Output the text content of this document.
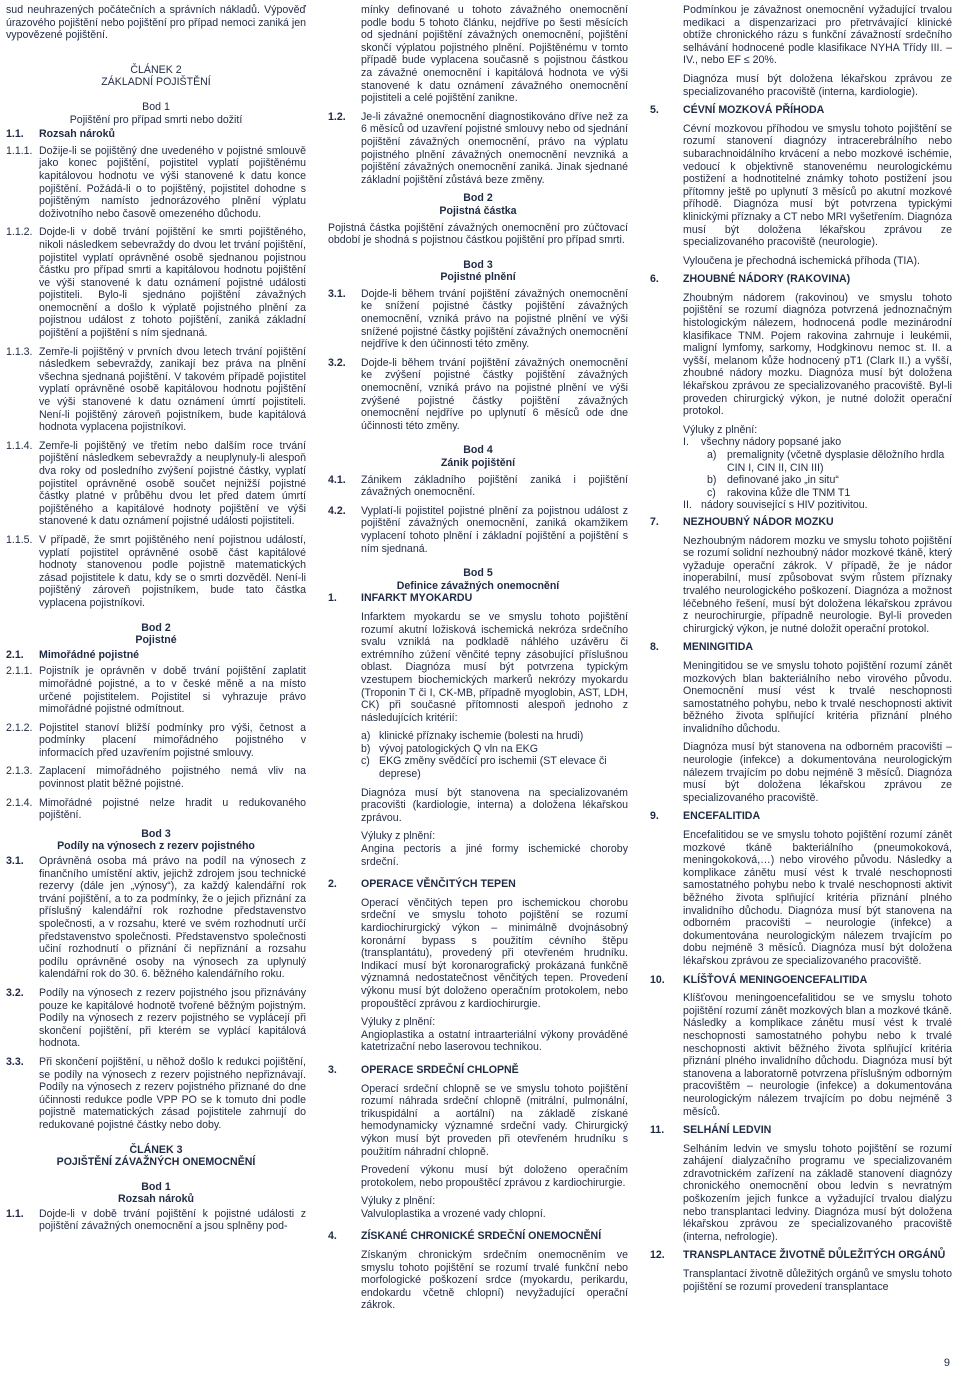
sud neuhrazených počátečních a správních nákladů. Výpověď úrazového pojištění nebo pojištění pro případ nemoci zaniká jen vypovězené pojištění.

ČLÁNEK 2

ZÁKLADNÍ POJIŠTĚNÍ

Bod 1

Pojištění pro případ smrti nebo dožití

1.1.	Rozsah nároků
1.1.1. Dožije-li se pojištěný dne uvedeného v pojistné smlouvě jako konec pojištění, pojistitel vyplatí pojištěnému kapitálovou hodnotu ve výši stanovené k datu konce pojištění. Požádá-li o to pojištěný, pojistitel dohodne s pojištěným namísto jednorázového plnění výplatu doživotního nebo časově omezeného důchodu.
1.1.2. Dojde-li v době trvání pojištění ke smrti pojištěného, nikoli následkem sebevraždy do dvou let trvání pojištění, pojistitel vyplatí oprávněné osobě sjednanou pojistnou částku pro případ smrti a kapitálovou hodnotu pojištění ve výši stanovené k datu oznámení pojistné události pojistiteli. Bylo-li sjednáno pojištění závažných onemocnění a došlo k výplatě pojistného plnění za pojistnou událost z tohoto pojištění, zaniká základní pojištění a pojištění s ním sjednaná.
1.1.3. Zemře-li pojištěný v prvních dvou letech trvání pojištění následkem sebevraždy, zanikají bez práva na plnění všechna sjednaná pojištění. V takovém případě pojistitel vyplatí oprávněné osobě kapitálovou hodnotu pojištění ve výši stanovené k datu oznámení úmrtí pojistiteli. Není-li pojištěný zároveň pojistníkem, bude kapitálová hodnota vyplacena pojistníkovi.
1.1.4. Zemře-li pojištěný ve třetím nebo dalším roce trvání pojištění následkem sebevraždy a neuplynuly-li alespoň dva roky od posledního zvýšení pojistné částky, vyplatí pojistitel oprávněné osobě součet nejnižší pojistné částky platné v průběhu dvou let před datem úmrtí pojištěného a kapitálové hodnoty pojištění ve výši stanovené k datu oznámení pojistné události pojistiteli.
1.1.5. V případě, že smrt pojištěného není pojistnou událostí, vyplatí pojistitel oprávněné osobě část kapitálové hodnoty stanovenou podle pojistně matematických zásad pojistitele k datu, kdy se o smrti dozvěděl. Není-li pojištěný zároveň pojistníkem, bude tato částka vyplacena pojistníkovi.

Bod 2

Pojistné

2.1.	Mimořádné pojistné
2.1.1. Pojistník je oprávněn v době trvání pojištění zaplatit mimořádné pojistné, a to v české měně a na místo určené pojistitelem. Pojistitel si vyhrazuje právo mimořádné pojistné odmítnout.
2.1.2. Pojistitel stanoví bližší podmínky pro výši, četnost a podmínky placení mimořádného pojistného v informacích před uzavřením pojistné smlouvy.
2.1.3. Zaplacení mimořádného pojistného nemá vliv na povinnost platit běžné pojistné.
2.1.4. Mimořádné pojistné nelze hradit u redukovaného pojištění.

Bod 3

Podíly na výnosech z rezerv pojistného

3.1.	Oprávněná osoba má právo na podíl na výnosech z finančního umístění aktiv, jejichž zdrojem jsou technické rezervy (dále jen „výnosy“), za každý kalendářní rok trvání pojištění, a to za podmínky, že o jejich přiznání za příslušný kalendářní rok rozhodne představenstvo společnosti, a v rozsahu, které ve svém rozhodnutí určí představenstvo společnosti. Představenstvo společnosti učiní rozhodnutí o přiznání či nepřiznání a rozsahu podílu oprávněné osoby na výnosech za uplynulý kalendářní rok do 30. 6. běžného kalendářního roku.
3.2.	Podíly na výnosech z rezerv pojistného jsou přiznávány pouze ke kapitálové hodnotě tvořené běžným pojistným. Podíly na výnosech z rezerv pojistného se vyplácejí při skončení pojištění, při kterém se vyplácí kapitálová hodnota.
3.3.	Při skončení pojištění, u něhož došlo k redukci pojištění, se podíly na výnosech z rezerv pojistného nepřiznávají. Podíly na výnosech z rezerv pojistného přiznané do dne účinnosti redukce podle VPP PO se k tomuto dni podle pojistně matematických zásad pojistitele zahrnují do redukované pojistné částky nebo doby.

ČLÁNEK 3

POJIŠTĚNÍ ZÁVAŽNÝCH ONEMOCNĚNÍ

Bod 1

Rozsah nároků

1.1.	Dojde-li v době trvání pojištění k pojistné události z pojištění závažných onemocnění a jsou splněny pod-

mínky definované u tohoto závažného onemocnění podle bodu 5 tohoto článku, nejdříve po šesti měsících od sjednání pojištění závažných onemocnění, pojištění skončí výplatou pojistného plnění. Pojištěnému v tomto případě bude vyplacena současně s pojistnou částkou za závažné onemocnění i kapitálová hodnota ve výši stanovené k datu oznámení závažného onemocnění pojistiteli a celé pojištění zanikne.

1.2.	Je-li závažné onemocnění diagnostikováno dříve než za 6 měsíců od uzavření pojistné smlouvy nebo od sjednání pojištění závažných onemocnění, právo na výplatu pojistného plnění závažných onemocnění nevzniká a pojištění závažných onemocnění zaniká. Jinak sjednané základní pojištění zůstává beze změny.

Bod 2

Pojistná částka

Pojistná částka pojištění závažných onemocnění pro zúčtovací období je shodná s pojistnou částkou pojištění pro případ smrti.

Bod 3

Pojistné plnění

3.1.	Dojde-li během trvání pojištění závažných onemocnění ke snížení pojistné částky pojištění závažných onemocnění, vzniká právo na pojistné plnění ve výši snížené pojistné částky pojištění závažných onemocnění nejdříve k den účinnosti této změny.
3.2.	Dojde-li během trvání pojištění závažných onemocnění ke zvýšení pojistné částky pojištění závažných onemocnění, vzniká právo na pojistné plnění ve výši zvýšené pojistné částky pojištění závažných onemocnění nejdříve po uplynutí 6 měsíců ode dne účinnosti této změny.

Bod 4

Zánik pojištění

4.1.	Zánikem základního pojištění zaniká i pojištění závažných onemocnění.
4.2.	Vyplatí-li pojistitel pojistné plnění za pojistnou událost z pojištění závažných onemocnění, zaniká okamžikem vyplacení tohoto plnění i základní pojištění a pojištění s ním sjednaná.

Bod 5

Definice závažných onemocnění

1.	INFARKT MYOKARDU

Infarktem myokardu se ve smyslu tohoto pojištění rozumí akutní ložisková ischemická nekróza srdečního svalu vzniklá na podkladě náhlého uzávěru či extrémního zúžení věnčité tepny zásobující příslušnou oblast. Diagnóza musí být potvrzena typickým vzestupem biochemických markerů nekrózy myokardu (Troponin T či I, CK-MB, případně myoglobin, AST, LDH, CK) při současné přítomnosti alespoň jednoho z následujících kritérií:

a) klinické příznaky ischemie (bolesti na hrudi)
b) vývoj patologických Q vln na EKG
c) EKG změny svědčící pro ischemii (ST elevace či deprese)

Diagnóza musí být stanovena na specializovaném pracovišti (kardiologie, interna) a doložena lékařskou zprávou.

Výluky z plnění:

Angina pectoris a jiné formy ischemické choroby srdeční.

2.	OPERACE VĚNČITÝCH TEPEN

Operací věnčitých tepen pro ischemickou chorobu srdeční ve smyslu tohoto pojištění se rozumí kardiochirurgický výkon – minimálně dvojnásobný koronární bypass s použitím cévního štěpu (transplantátu), provedený při otevřeném hrudníku. Indikací musí být koronarografický prokázaná funkčně významná nedostatečnost věnčitých tepen. Provedení výkonu musí být doloženo operačním protokolem, nebo propouštěcí zprávou z kardiochirurgie.

Výluky z plnění:

Angioplastika a ostatní intraarteriální výkony prováděné katetrizační nebo laserovou technikou.

3.	OPERACE SRDEČNÍ CHLOPNĚ

Operací srdeční chlopně se ve smyslu tohoto pojištění rozumí náhrada srdeční chlopně (mitrální, pulmonální, trikuspidální a aortální) na základě získané hemodynamicky významné srdeční vady. Chirurgický výkon musí být proveden při otevřeném hrudníku s použitím náhradní chlopně.

Provedení výkonu musí být doloženo operačním protokolem, nebo propouštěcí zprávou z kardiochirurgie.

Výluky z plnění:

Valvuloplastika a vrozené vady chlopní.

4.	ZÍSKANÉ CHRONICKÉ SRDEČNÍ ONEMOCNĚNÍ

Získaným chronickým srdečním onemocněním ve smyslu tohoto pojištění se rozumí trvalé funkční nebo morfologické poškození srdce (myokardu, perikardu, endokardu včetně chlopní) nevyžadující operační zákrok.

Podmínkou je závažnost onemocnění vyžadující trvalou medikaci a dispenzarizaci pro přetrvávající klinické obtíže chronického rázu s funkční závažností srdečního selhávání hodnocené podle klasifikace NYHA Třídy III. – IV., nebo EF ≤ 20%.

Diagnóza musí být doložena lékařskou zprávou ze specializovaného pracoviště (interna, kardiologie).

5.	CÉVNÍ MOZKOVÁ PŘÍHODA

Cévní mozkovou příhodou ve smyslu tohoto pojištění se rozumí stanovení diagnózy intracerebrálního nebo subarachnoidálního krvácení a nebo mozkové ischémie, vedoucí k objektivně stanovenému neurologickému postižení a hodnotitelné známky tohoto postižení jsou přítomny ještě po uplynutí 3 měsíců po akutní mozkové příhodě. Diagnóza musí být potvrzena typickými klinickými příznaky a CT nebo MRI vyšetřením. Diagnóza musí být doložena lékařskou zprávou ze specializovaného pracoviště (neurologie).

Vyloučena je přechodná ischemická příhoda (TIA).

6.	ZHOUBNÉ NÁDORY (RAKOVINA)

Zhoubným nádorem (rakovinou) ve smyslu tohoto pojištění se rozumí diagnóza potvrzená jednoznačným histologickým nálezem, hodnocená podle mezinárodní klasifikace TNM. Pojem rakovina zahrnuje i leukémii, maligní lymfomy, sarkomy, Hodgkinovu nemoc st. II. a vyšší, melanom kůže hodnocený pT1 (Clark II.) a vyšší, zhoubné nádory mozku. Diagnóza musí být doložena lékařskou zprávou ze specializovaného pracoviště. Byl-li proveden chirurgický výkon, je nutné doložit operační protokol.

Výluky z plnění:

I.	všechny nádory popsané jako
a) premalignity (včetně dysplasie děložního hrdla CIN I, CIN II, CIN III)
b) definované jako „in situ“
c)	rakovina kůže dle TNM T1
II. nádory související s HIV pozitivitou.
7.	NEZHOUBNÝ NÁDOR MOZKU

Nezhoubným nádorem mozku ve smyslu tohoto pojištění se rozumí solidní nezhoubný nádor mozkové tkáně, který vyžaduje operační zákrok. V případě, že je nádor inoperabilní, musí způsobovat svým růstem příznaky trvalého neurologického poškození. Diagnóza a možnost léčebného řešení, musí být doložena lékařskou zprávou z neurochirurgie, případně neurologie. Byl-li proveden chirurgický výkon, je nutné doložit operační protokol.

8.	MENINGITIDA

Meningitidou se ve smyslu tohoto pojištění rozumí zánět mozkových blan bakteriálního nebo virového původu. Onemocnění musí vést k trvalé neschopnosti samostatného pohybu, nebo k trvalé neschopnosti aktivit běžného života splňující kritéria přiznání plného invalidního důchodu.

Diagnóza musí být stanovena na odborném pracovišti – neurologie (infekce) a dokumentována neurologickým nálezem trvajícím po dobu nejméně 3 měsíců. Diagnóza musí být doložena lékařskou zprávou ze specializovaného pracoviště.

9.	ENCEFALITIDA

Encefalitidou se ve smyslu tohoto pojištění rozumí zánět mozkové tkáně bakteriálního (pneumokoková, meningokoková,…) nebo virového původu. Následky a komplikace zánětu musí vést k trvalé neschopnosti samostatného pohybu nebo k trvalé neschopnosti aktivit běžného života splňující kritéria přiznání plného invalidního důchodu. Diagnóza musí být stanovena na odborném pracovišti – neurologie (infekce) a dokumentována neurologickým nálezem trvajícím po dobu nejméně 3 měsíců. Diagnóza musí být doložena lékařskou zprávou ze specializovaného pracoviště.

10.	KLÍŠŤOVÁ MENINGOENCEFALITIDA

Klíšťovou meningoencefalitidou se ve smyslu tohoto pojištění rozumí zánět mozkových blan a mozkové tkáně. Následky a komplikace zánětu musí vést k trvalé neschopnosti samostatného pohybu nebo k trvalé neschopnosti aktivit běžného života splňující kritéria přiznání plného invalidního důchodu. Diagnóza musí být stanovena a laboratorně potvrzena příslušným odborným pracovištěm – neurologie (infekce) a dokumentována neurologickým nálezem trvajícím po dobu nejméně 3 měsíců.

11.	SELHÁNÍ LEDVIN

Selháním ledvin ve smyslu tohoto pojištění se rozumí zahájení dialyzačního programu ve specializovaném zdravotnickém zařízení na základě stanovení diagnózy chronického onemocnění obou ledvin s nevratným poškozením jejich funkce a vyžadující trvalou dialýzu nebo transplantaci ledviny. Diagnóza musí být doložena lékařskou zprávou ze specializovaného pracoviště (interna, nefrologie).

12.	TRANSPLANTACE ŽIVOTNĚ DŮLEŽITÝCH ORGÁNŮ

Transplantací životně důležitých orgánů ve smyslu tohoto pojištění se rozumí provedení transplantace

9
